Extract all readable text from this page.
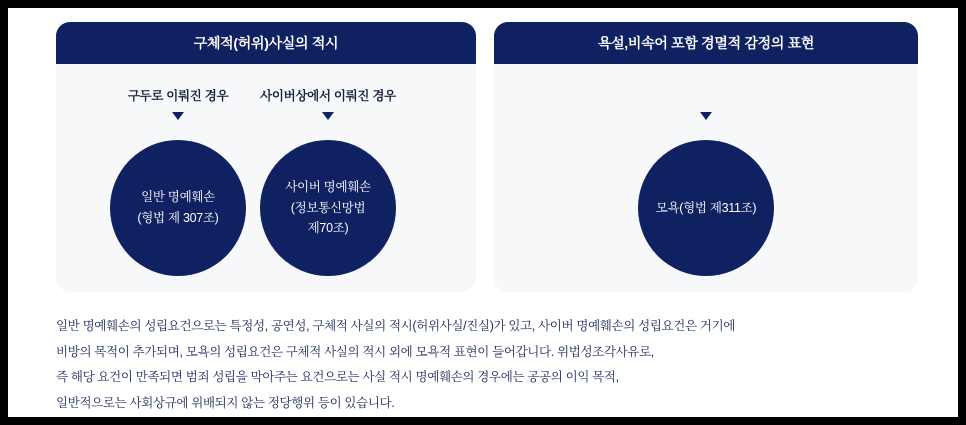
구체적(허위)사실의 적시
구두로 이뤄진 경우
일반 명예훼손
(형법 제 307조)
사이버상에서 이뤄진 경우
사이버 명예훼손
(정보통신망법
제70조)
욕설,비속어 포함 경멸적 감정의 표현
모욕(형법 제311조)

일반 명예훼손의 성립요건으로는 특정성, 공연성, 구체적 사실의 적시(허위사실/진실)가 있고, 사이버 명예훼손의 성립요건은 거기에

비방의 목적이 추가되며, 모욕의 성립요건은 구체적 사실의 적시 외에 모욕적 표현이 들어갑니다. 위법성조각사유로,

즉 해당 요건이 만족되면 범죄 성립을 막아주는 요건으로는 사실 적시 명예훼손의 경우에는 공공의 이익 목적,

일반적으로는 사회상규에 위배되지 않는 정당행위 등이 있습니다.
